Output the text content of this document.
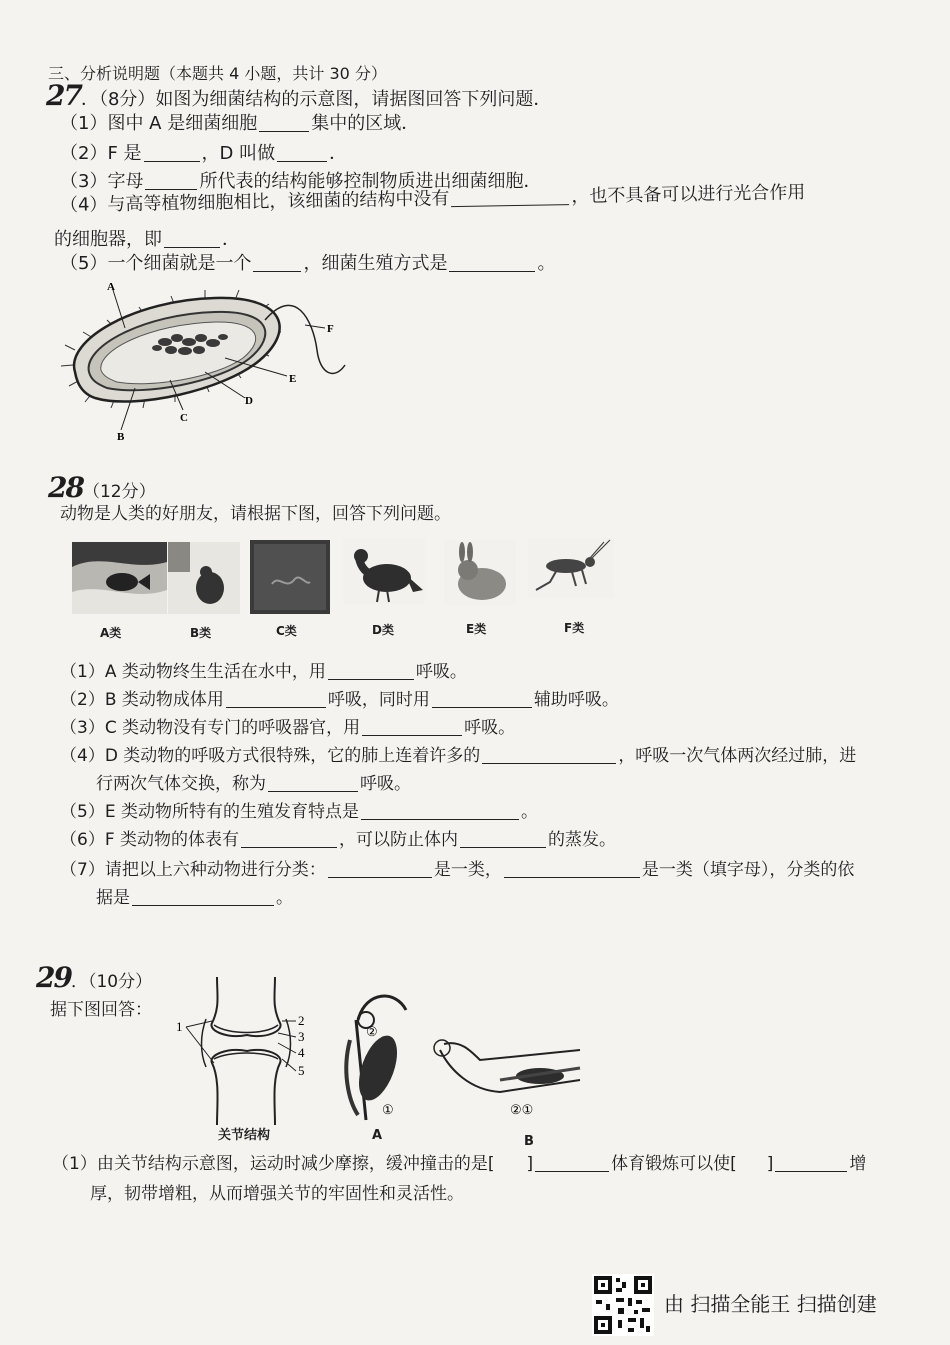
三、分析说明题（本题共 4 小题，共计 30 分）
27．（8分）如图为细菌结构的示意图，请据图回答下列问题．
（1）图中 A 是细菌细胞	集中的区域．
（2）F 是	，D 叫做	．
（3）字母	所代表的结构能够控制物质进出细菌细胞．
（4）与高等植物细胞相比，该细菌的结构中没有	，也不具备可以进行光合作用
的细胞器，即	．
（5）一个细菌就是一个	，细菌生殖方式是	。
A
F
E
D
C
B
28（12分）
动物是人类的好朋友，请根据下图，回答下列问题。
A类	B类	C类	D类	E类	F类
（1）A 类动物终生生活在水中，用	呼吸。
（2）B 类动物成体用	呼吸，同时用	辅助呼吸。
（3）C 类动物没有专门的呼吸器官，用	呼吸。
（4）D 类动物的呼吸方式很特殊，它的肺上连着许多的	，呼吸一次气体两次经过肺，进
行两次气体交换，称为	呼吸。
（5）E 类动物所特有的生殖发育特点是	。
（6）F 类动物的体表有	，可以防止体内	的蒸发。
（7）请把以上六种动物进行分类：	是一类，	是一类（填字母），分类的依
据是	。
29．（10分）
据下图回答：
1	2
3
4
5
关节结构
②
①
A
②①
B
（1）由关节结构示意图，运动时减少摩擦，缓冲撞击的是[ ]	体育锻炼可以使[ ]	增
厚，韧带增粗，从而增强关节的牢固性和灵活性。
由 扫描全能王 扫描创建
